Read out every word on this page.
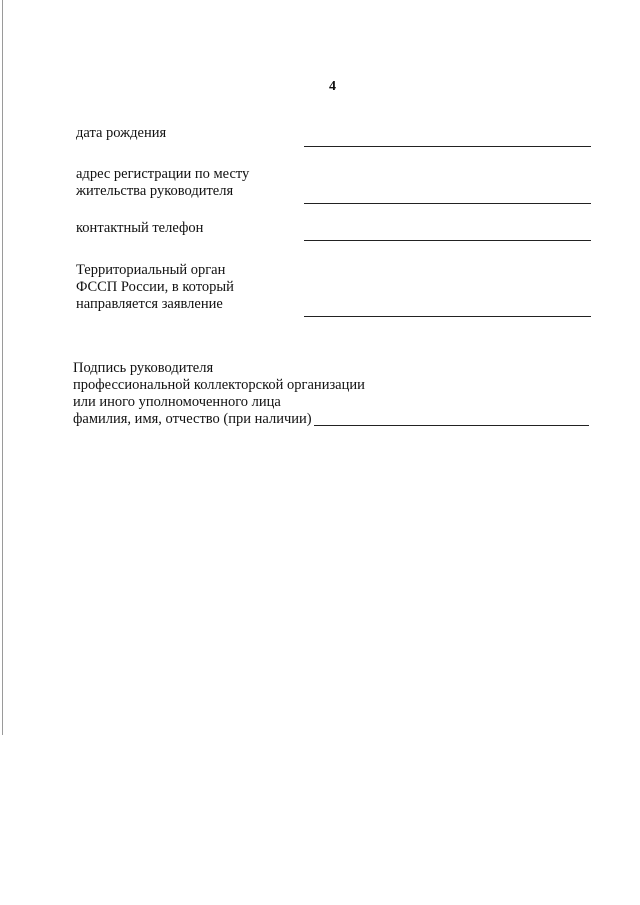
4
дата рождения
адрес регистрации по месту
жительства руководителя
контактный телефон
Территориальный орган
ФССП России, в который
направляется заявление
Подпись руководителя
профессиональной коллекторской организации
или иного уполномоченного лица
фамилия, имя, отчество (при наличии)
